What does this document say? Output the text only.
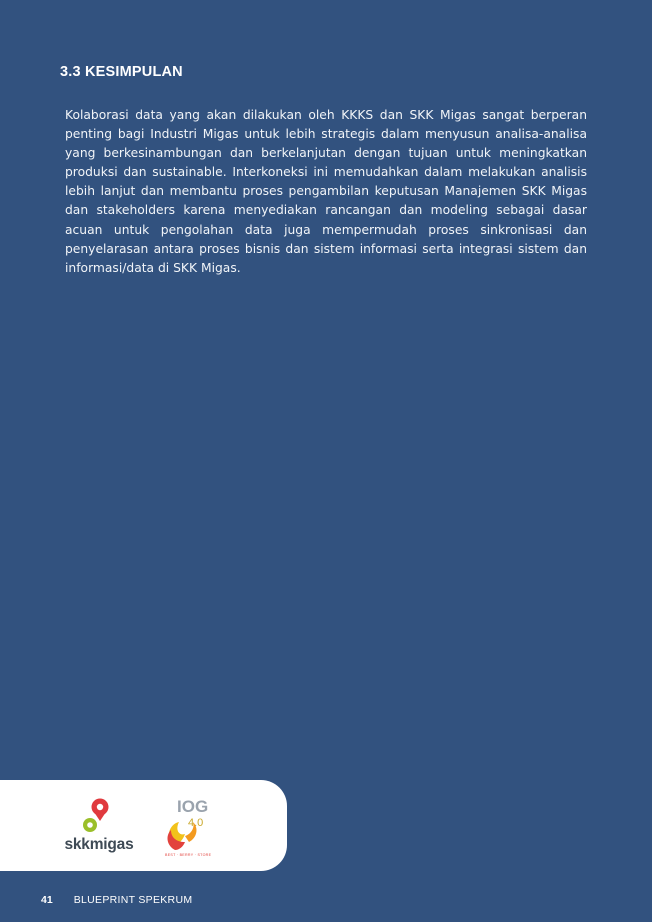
3.3 KESIMPULAN

Kolaborasi data yang akan dilakukan oleh KKKS dan SKK Migas sangat berperan penting bagi Industri Migas untuk lebih strategis dalam menyusun analisa-analisa yang berkesinambungan dan berkelanjutan dengan tujuan untuk meningkatkan produksi dan sustainable. Interkoneksi ini memudahkan dalam melakukan analisis lebih lanjut dan membantu proses pengambilan keputusan Manajemen SKK Migas dan stakeholders karena menyediakan rancangan dan modeling sebagai dasar acuan untuk pengolahan data juga mempermudah proses sinkronisasi dan penyelarasan antara proses bisnis dan sistem informasi serta integrasi sistem dan informasi/data di SKK Migas.

skkmigas
IOG
4.0
BEST · BERRY · STORE
41 BLUEPRINT SPEKRUM
